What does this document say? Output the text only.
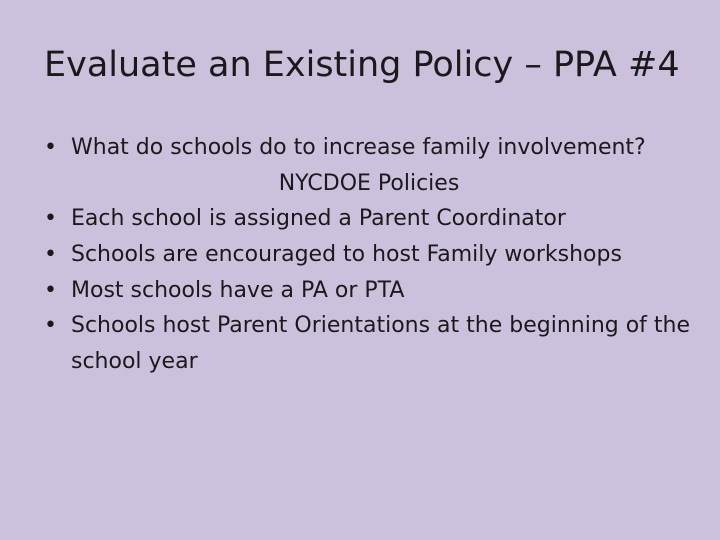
Evaluate an Existing Policy – PPA #4
• What do schools do to increase family involvement?
NYCDOE Policies
• Each school is assigned a Parent Coordinator
• Schools are encouraged to host Family workshops
• Most schools have a PA or PTA
• Schools host Parent Orientations at the beginning of the school year
